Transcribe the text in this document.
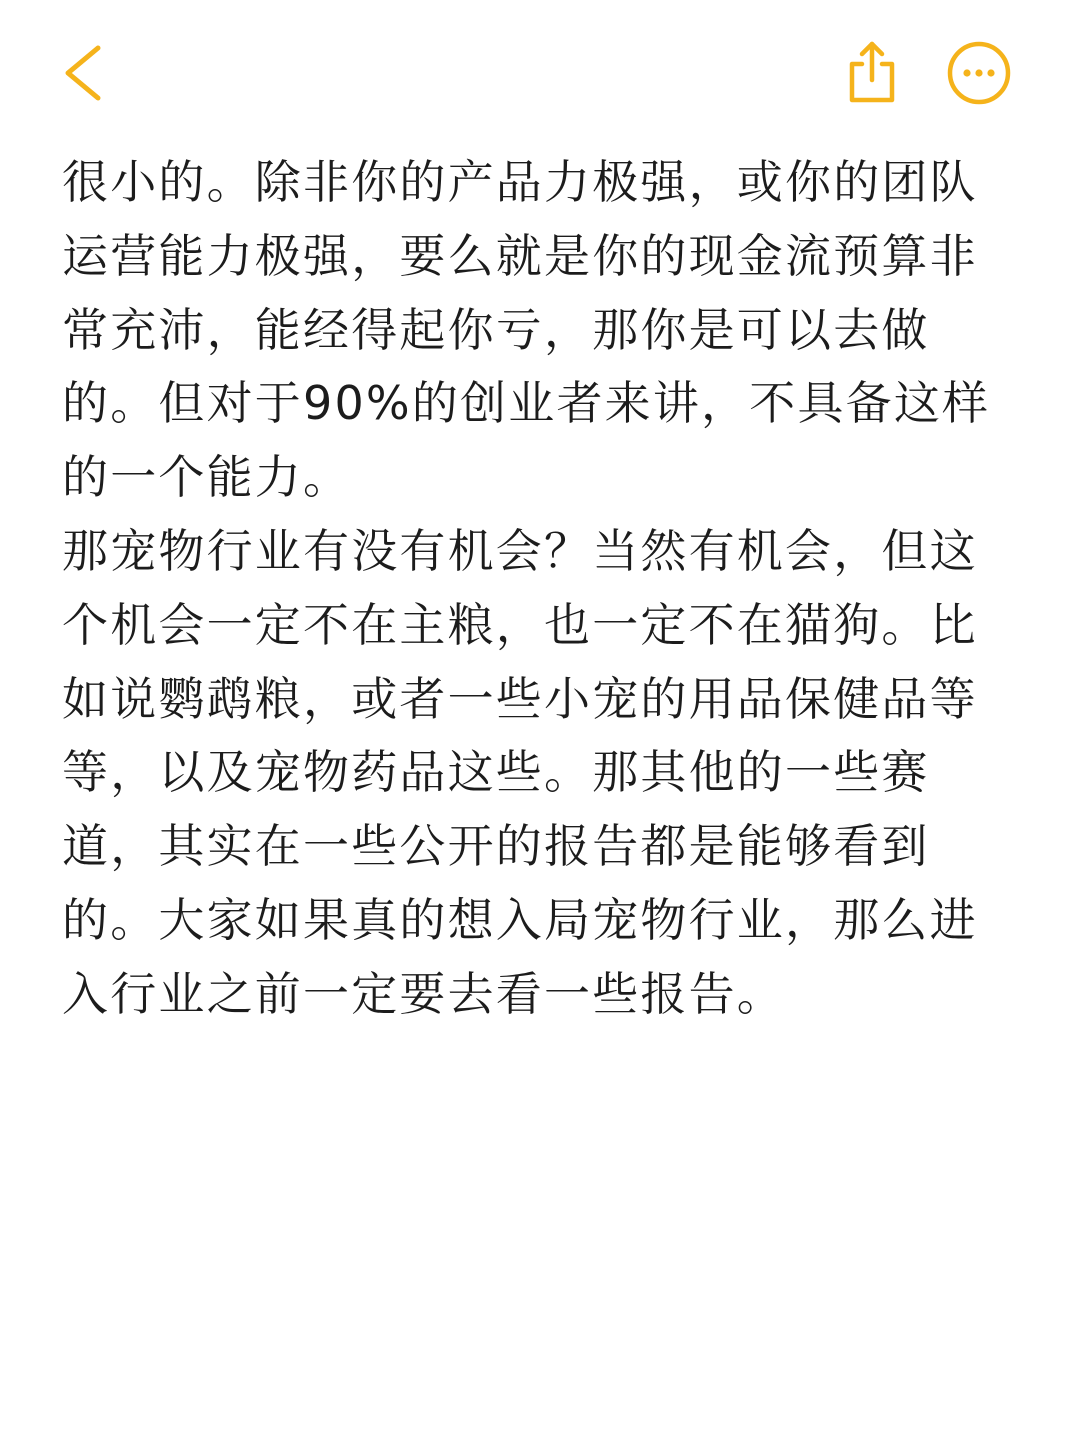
很小的。除非你的产品力极强，或你的团队
运营能力极强，要么就是你的现金流预算非
常充沛，能经得起你亏，那你是可以去做
的。但对于90%的创业者来讲，不具备这样
的一个能力。
那宠物行业有没有机会？当然有机会，但这
个机会一定不在主粮，也一定不在猫狗。比
如说鹦鹉粮，或者一些小宠的用品保健品等
等，以及宠物药品这些。那其他的一些赛
道，其实在一些公开的报告都是能够看到
的。大家如果真的想入局宠物行业，那么进
入行业之前一定要去看一些报告。
